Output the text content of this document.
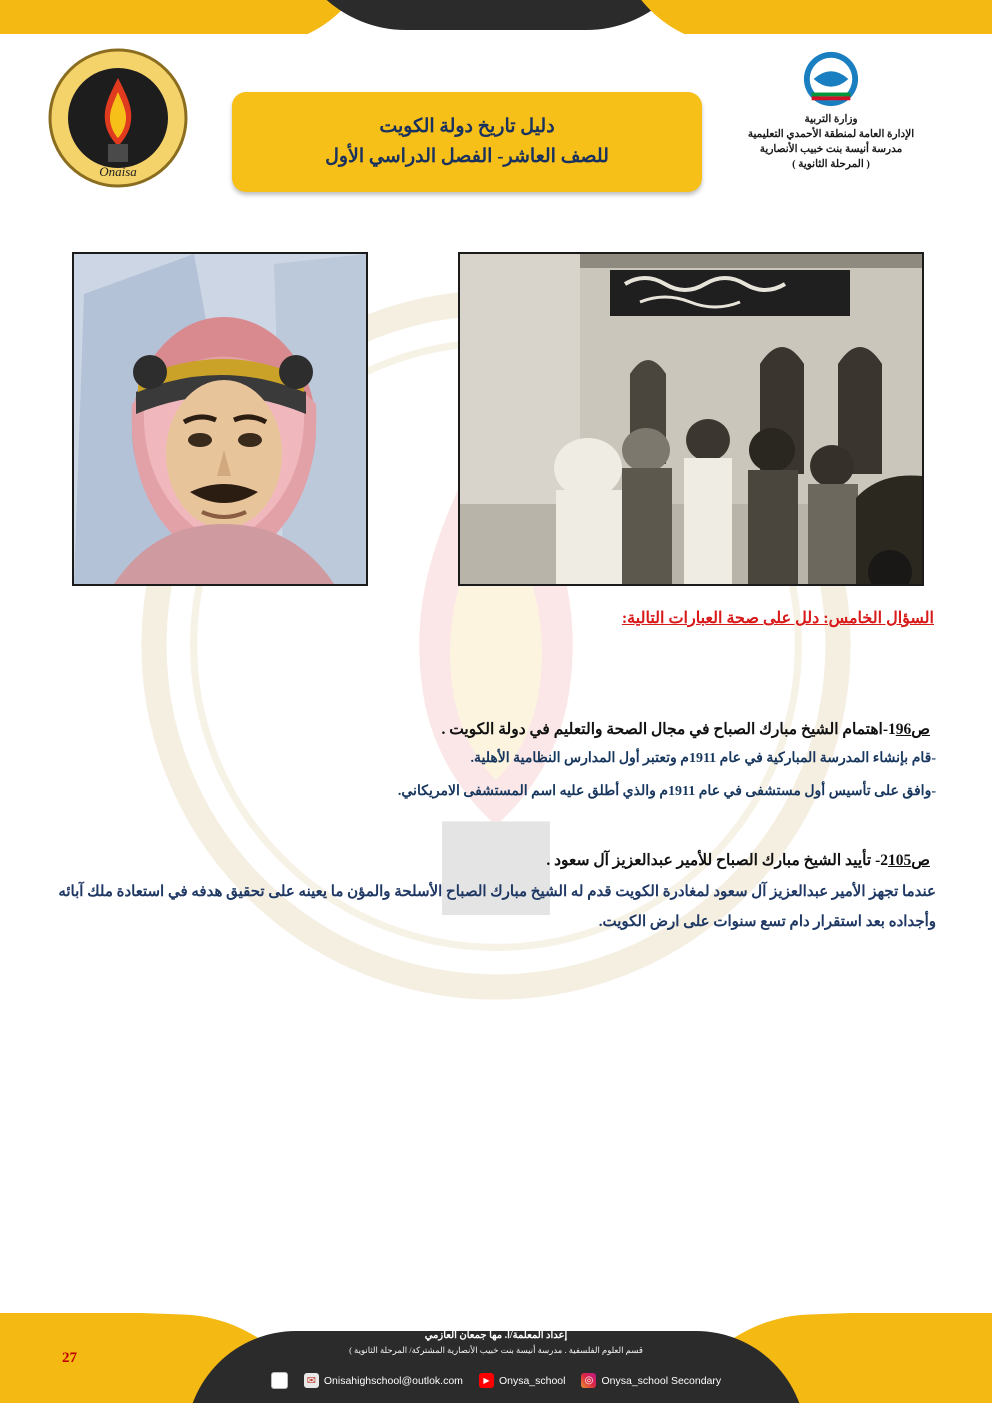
Onaisa
دليل تاريخ دولة الكويت
للصف العاشر- الفصل الدراسي الأول
وزارة التربية
الإدارة العامة لمنطقة الأحمدي التعليمية
مدرسة أنيسة بنت خبيب الأنصارية
( المرحلة الثانوية )
السؤال الخامس: دلل على صحة العبارات التالية:
1-اهتمام الشيخ مبارك الصباح في مجال الصحة والتعليم في دولة الكويت . ص96
-قام بإنشاء المدرسة المباركية في عام 1911م وتعتبر أول المدارس النظامية الأهلية.
-وافق على تأسيس أول مستشفى في عام 1911م والذي أطلق عليه اسم المستشفى الامريكاني.
2- تأييد الشيخ مبارك الصباح للأمير عبدالعزيز آل سعود . ص105
عندما تجهز الأمير عبدالعزيز آل سعود لمغادرة الكويت قدم له الشيخ مبارك الصباح الأسلحة والمؤن ما يعينه على تحقيق هدفه في استعادة ملك آبائه وأجداده بعد استقرار دام تسع سنوات على ارض الكويت.
إعداد المعلمة/أ. مها جمعان العازمي
قسم العلوم الفلسفية . مدرسة أنيسة بنت خبيب الأنصارية المشتركة/ المرحلة الثانوية )
✉
Onisahighschool@outlok.com ▶	Onysa_school ◎	Onysa_school Secondary
27
